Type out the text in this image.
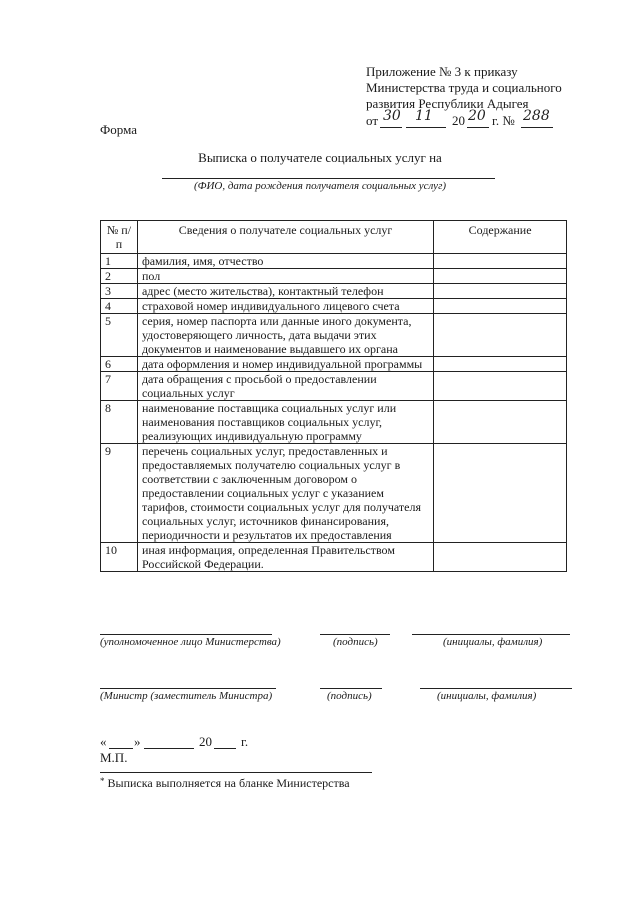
Приложение № 3 к приказу
Министерства труда и социального
развития Республики Адыгея
от 30 11 20 20 г. № 288
Форма
Выписка о получателе социальных услуг на
(ФИО, дата рождения получателя социальных услуг)
№ п/п	Сведения о получателе социальных услуг	Содержание
1	фамилия, имя, отчество	
2	пол	
3	адрес (место жительства), контактный телефон	
4	страховой номер индивидуального лицевого счета	
5	серия, номер паспорта или данные иного документа, удостоверяющего личность, дата выдачи этих документов и наименование выдавшего их органа	
6	дата оформления и номер индивидуальной программы	
7	дата обращения с просьбой о предоставлении социальных услуг	
8	наименование поставщика социальных услуг или наименования поставщиков социальных услуг, реализующих индивидуальную программу	
9	перечень социальных услуг, предоставленных и предоставляемых получателю социальных услуг в соответствии с заключенным договором о предоставлении социальных услуг с указанием тарифов, стоимости социальных услуг для получателя социальных услуг, источников финансирования, периодичности и результатов их предоставления	
10	иная информация, определенная Правительством Российской Федерации.	
(уполномоченное лицо Министерства)	(подпись)	(инициалы, фамилия)
(Министр (заместитель Министра)	(подпись)	(инициалы, фамилия)
« »	20 г.
М.П.
* Выписка выполняется на бланке Министерства
